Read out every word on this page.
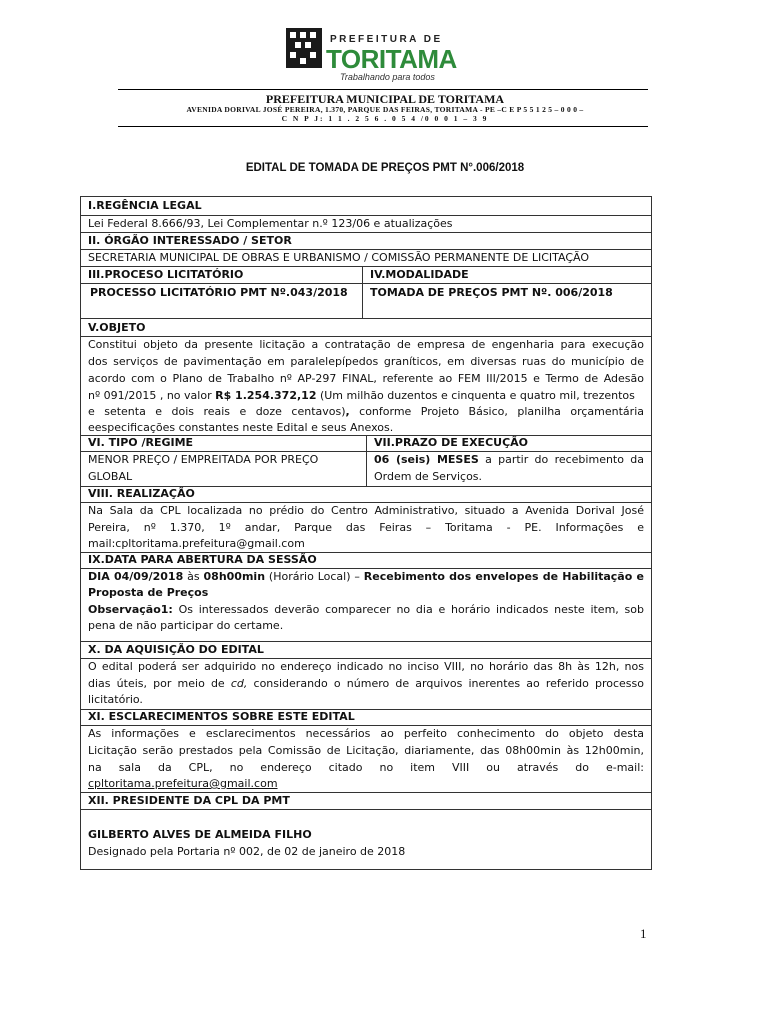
PREFEITURA DE
TORITAMA
Trabalhando para todos
PREFEITURA MUNICIPAL DE TORITAMA
AVENIDA DORIVAL JOSÉ PEREIRA, 1.370, PARQUE DAS FEIRAS, TORITAMA - PE –C E P 5 5 1 2 5 – 0 0 0 –
C N P J: 1 1 . 2 5 6 . 0 5 4 /0 0 0 1 – 3 9
EDITAL DE TOMADA DE PREÇOS PMT N°.006/2018
I.REGÊNCIA LEGAL
Lei Federal 8.666/93, Lei Complementar n.º 123/06 e atualizações
II. ÓRGÃO INTERESSADO / SETOR
SECRETARIA MUNICIPAL DE OBRAS E URBANISMO / COMISSÃO PERMANENTE DE LICITAÇÃO
III.PROCESO LICITATÓRIO	IV.MODALIDADE
PROCESSO LICITATÓRIO PMT Nº.043/2018 TOMADA DE PREÇOS PMT Nº. 006/2018
V.OBJETO
Constitui objeto da presente licitação a contratação de empresa de engenharia para execução
dos serviços de pavimentação em paralelepípedos graníticos, em diversas ruas do município de
acordo com o Plano de Trabalho nº AP-297 FINAL, referente ao FEM III/2015 e Termo de Adesão
nº 091/2015 , no valor R$ 1.254.372,12 (Um milhão duzentos e cinquenta e quatro mil, trezentos
e setenta e dois reais e doze centavos), conforme Projeto Básico, planilha orçamentária
eespecificações constantes neste Edital e seus Anexos.
VI. TIPO /REGIME	VII.PRAZO DE EXECUÇÃO
MENOR PREÇO / EMPREITADA POR PREÇO
GLOBAL
06 (seis) MESES a partir do recebimento da
Ordem de Serviços.
VIII. REALIZAÇÃO
Na Sala da CPL localizada no prédio do Centro Administrativo, situado a Avenida Dorival José
Pereira, nº 1.370, 1º andar, Parque das Feiras – Toritama - PE. Informações e
mail:cpltoritama.prefeitura@gmail.com
IX.DATA PARA ABERTURA DA SESSÃO
DIA 04/09/2018 às 08h00min (Horário Local) – Recebimento dos envelopes de Habilitação e
Proposta de Preços
Observação1: Os interessados deverão comparecer no dia e horário indicados neste item, sob
pena de não participar do certame.
X. DA AQUISIÇÃO DO EDITAL
O edital poderá ser adquirido no endereço indicado no inciso VIII, no horário das 8h às 12h, nos
dias úteis, por meio de cd, considerando o número de arquivos inerentes ao referido processo
licitatório.
XI. ESCLARECIMENTOS SOBRE ESTE EDITAL
As informações e esclarecimentos necessários ao perfeito conhecimento do objeto desta
Licitação serão prestados pela Comissão de Licitação, diariamente, das 08h00min às 12h00min,
na sala da CPL, no endereço citado no item VIII ou através do e-mail:
cpltoritama.prefeitura@gmail.com
XII. PRESIDENTE DA CPL DA PMT
GILBERTO ALVES DE ALMEIDA FILHO
Designado pela Portaria nº 002, de 02 de janeiro de 2018
1
